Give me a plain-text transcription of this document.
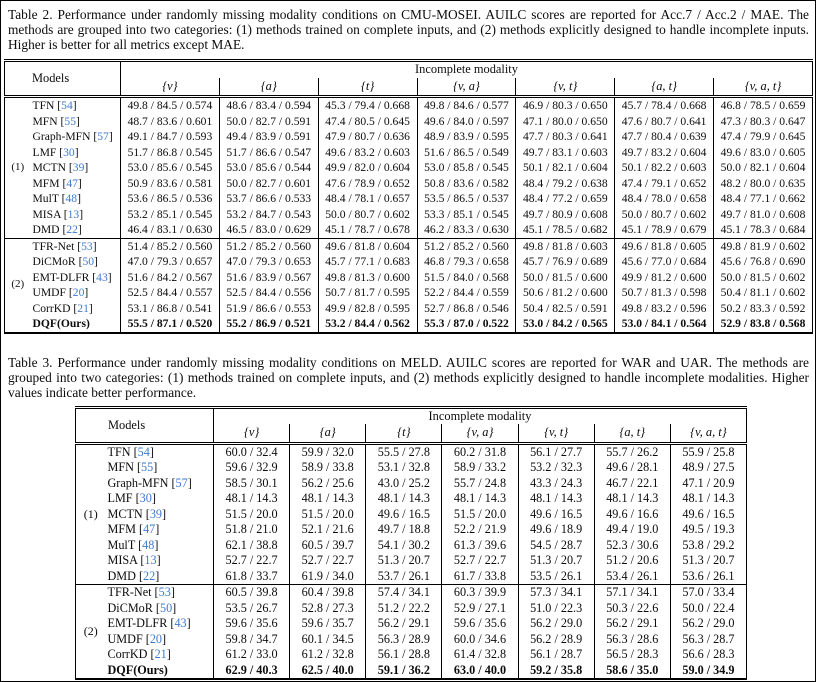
Table 2. Performance under randomly missing modality conditions on CMU-MOSEI. AUILC scores are reported for Acc.7 / Acc.2 / MAE. The methods are grouped into two categories: (1) methods trained on complete inputs, and (2) methods explicitly designed to handle incomplete inputs. Higher is better for all metrics except MAE.

Models		Incomplete modality						
		{v}	{a}	{t}	{v, a}	{v, t}	{a, t}	{v, a, t}
(1)	TFN [54]	49.8 / 84.5 / 0.574	48.6 / 83.4 / 0.594	45.3 / 79.4 / 0.668	49.8 / 84.6 / 0.577	46.9 / 80.3 / 0.650	45.7 / 78.4 / 0.668	46.8 / 78.5 / 0.659
	MFN [55]	48.7 / 83.6 / 0.601	50.0 / 82.7 / 0.591	47.4 / 80.5 / 0.645	49.6 / 84.0 / 0.597	47.1 / 80.0 / 0.650	47.6 / 80.7 / 0.641	47.3 / 80.3 / 0.647
	Graph-MFN [57]	49.1 / 84.7 / 0.593	49.4 / 83.9 / 0.591	47.9 / 80.7 / 0.636	48.9 / 83.9 / 0.595	47.7 / 80.3 / 0.641	47.7 / 80.4 / 0.639	47.4 / 79.9 / 0.645
	LMF [30]	51.7 / 86.8 / 0.545	51.7 / 86.6 / 0.547	49.6 / 83.2 / 0.603	51.6 / 86.5 / 0.549	49.7 / 83.1 / 0.603	49.7 / 83.2 / 0.604	49.6 / 83.0 / 0.605
	MCTN [39]	53.0 / 85.6 / 0.545	53.0 / 85.6 / 0.544	49.9 / 82.0 / 0.604	53.0 / 85.8 / 0.545	50.1 / 82.1 / 0.604	50.1 / 82.2 / 0.603	50.0 / 82.1 / 0.604
	MFM [47]	50.9 / 83.6 / 0.581	50.0 / 82.7 / 0.601	47.6 / 78.9 / 0.652	50.8 / 83.6 / 0.582	48.4 / 79.2 / 0.638	47.4 / 79.1 / 0.652	48.2 / 80.0 / 0.635
	MulT [48]	53.6 / 86.5 / 0.536	53.7 / 86.6 / 0.533	48.4 / 78.1 / 0.657	53.5 / 86.5 / 0.537	48.4 / 77.2 / 0.659	48.4 / 78.0 / 0.658	48.4 / 77.1 / 0.662
	MISA [13]	53.2 / 85.1 / 0.545	53.2 / 84.7 / 0.543	50.0 / 80.7 / 0.602	53.3 / 85.1 / 0.545	49.7 / 80.9 / 0.608	50.0 / 80.7 / 0.602	49.7 / 81.0 / 0.608
	DMD [22]	46.4 / 83.1 / 0.630	46.5 / 83.0 / 0.629	45.1 / 78.7 / 0.678	46.2 / 83.3 / 0.630	45.1 / 78.5 / 0.682	45.1 / 78.9 / 0.679	45.1 / 78.3 / 0.684
(2)	TFR-Net [53]	51.4 / 85.2 / 0.560	51.2 / 85.2 / 0.560	49.6 / 81.8 / 0.604	51.2 / 85.2 / 0.560	49.8 / 81.8 / 0.603	49.6 / 81.8 / 0.605	49.8 / 81.9 / 0.602
	DiCMoR [50]	47.0 / 79.3 / 0.657	47.0 / 79.3 / 0.653	45.7 / 77.1 / 0.683	46.8 / 79.3 / 0.658	45.7 / 76.9 / 0.689	45.6 / 77.0 / 0.684	45.6 / 76.8 / 0.690
	EMT-DLFR [43]	51.6 / 84.2 / 0.567	51.6 / 83.9 / 0.567	49.8 / 81.3 / 0.600	51.5 / 84.0 / 0.568	50.0 / 81.5 / 0.600	49.9 / 81.2 / 0.600	50.0 / 81.5 / 0.602
	UMDF [20]	52.5 / 84.4 / 0.557	52.5 / 84.4 / 0.556	50.7 / 81.7 / 0.595	52.2 / 84.4 / 0.559	50.6 / 81.2 / 0.600	50.7 / 81.3 / 0.598	50.4 / 81.1 / 0.602
	CorrKD [21]	53.1 / 86.8 / 0.541	51.9 / 86.6 / 0.553	49.9 / 82.8 / 0.595	52.7 / 86.8 / 0.546	50.4 / 82.5 / 0.591	49.8 / 83.2 / 0.596	50.2 / 83.3 / 0.592
	DQF(Ours)	55.5 / 87.1 / 0.520	55.2 / 86.9 / 0.521	53.2 / 84.4 / 0.562	55.3 / 87.0 / 0.522	53.0 / 84.2 / 0.565	53.0 / 84.1 / 0.564	52.9 / 83.8 / 0.568

Table 3. Performance under randomly missing modality conditions on MELD. AUILC scores are reported for WAR and UAR. The methods are grouped into two categories: (1) methods trained on complete inputs, and (2) methods explicitly designed to handle incomplete modalities. Higher values indicate better performance.

Models		Incomplete modality						
		{v}	{a}	{t}	{v, a}	{v, t}	{a, t}	{v, a, t}
(1)	TFN [54]	60.0 / 32.4	59.9 / 32.0	55.5 / 27.8	60.2 / 31.8	56.1 / 27.7	55.7 / 26.2	55.9 / 25.8
	MFN [55]	59.6 / 32.9	58.9 / 33.8	53.1 / 32.8	58.9 / 33.2	53.2 / 32.3	49.6 / 28.1	48.9 / 27.5
	Graph-MFN [57]	58.5 / 30.1	56.2 / 25.6	43.0 / 25.2	55.7 / 24.8	43.3 / 24.3	46.7 / 22.1	47.1 / 20.9
	LMF [30]	48.1 / 14.3	48.1 / 14.3	48.1 / 14.3	48.1 / 14.3	48.1 / 14.3	48.1 / 14.3	48.1 / 14.3
	MCTN [39]	51.5 / 20.0	51.5 / 20.0	49.6 / 16.5	51.5 / 20.0	49.6 / 16.5	49.6 / 16.6	49.6 / 16.5
	MFM [47]	51.8 / 21.0	52.1 / 21.6	49.7 / 18.8	52.2 / 21.9	49.6 / 18.9	49.4 / 19.0	49.5 / 19.3
	MulT [48]	62.1 / 38.8	60.5 / 39.7	54.1 / 30.2	61.3 / 39.6	54.5 / 28.7	52.3 / 30.6	53.8 / 29.2
	MISA [13]	52.7 / 22.7	52.7 / 22.7	51.3 / 20.7	52.7 / 22.7	51.3 / 20.7	51.2 / 20.6	51.3 / 20.7
	DMD [22]	61.8 / 33.7	61.9 / 34.0	53.7 / 26.1	61.7 / 33.8	53.5 / 26.1	53.4 / 26.1	53.6 / 26.1
(2)	TFR-Net [53]	60.5 / 39.8	60.4 / 39.8	57.4 / 34.1	60.3 / 39.9	57.3 / 34.1	57.1 / 34.1	57.0 / 33.4
	DiCMoR [50]	53.5 / 26.7	52.8 / 27.3	51.2 / 22.2	52.9 / 27.1	51.0 / 22.3	50.3 / 22.6	50.0 / 22.4
	EMT-DLFR [43]	59.6 / 35.6	59.6 / 35.7	56.2 / 29.1	59.6 / 35.6	56.2 / 29.0	56.2 / 29.1	56.2 / 29.0
	UMDF [20]	59.8 / 34.7	60.1 / 34.5	56.3 / 28.9	60.0 / 34.6	56.2 / 28.9	56.3 / 28.6	56.3 / 28.7
	CorrKD [21]	61.2 / 33.0	61.2 / 32.8	56.1 / 28.8	61.4 / 32.8	56.1 / 28.7	56.5 / 28.3	56.6 / 28.3
	DQF(Ours)	62.9 / 40.3	62.5 / 40.0	59.1 / 36.2	63.0 / 40.0	59.2 / 35.8	58.6 / 35.0	59.0 / 34.9
